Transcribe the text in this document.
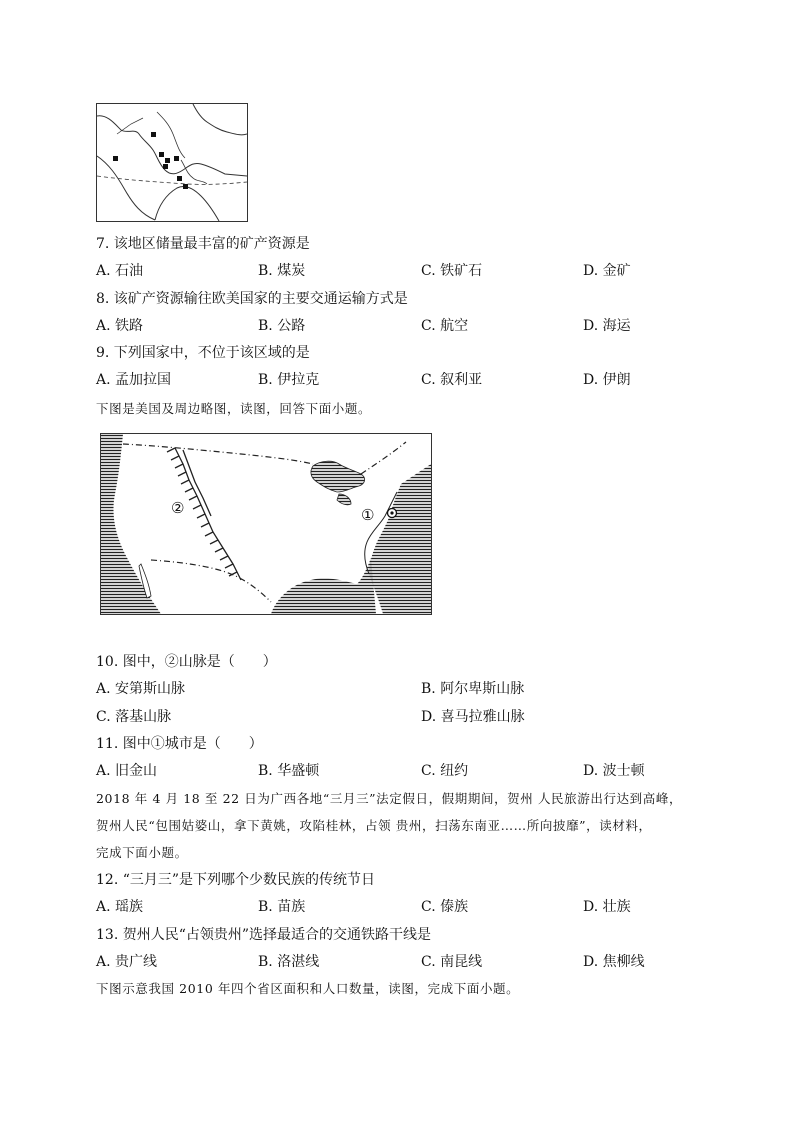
7. 该地区储量最丰富的矿产资源是
A. 石油	B. 煤炭	C. 铁矿石	D. 金矿
8. 该矿产资源输往欧美国家的主要交通运输方式是
A. 铁路	B. 公路	C. 航空	D. 海运
9. 下列国家中，不位于该区域的是
A. 孟加拉国	B. 伊拉克	C. 叙利亚	D. 伊朗
下图是美国及周边略图，读图，回答下面小题。
②	①
10. 图中，②山脉是（　　）
A. 安第斯山脉	B. 阿尔卑斯山脉
C. 落基山脉	D. 喜马拉雅山脉
11. 图中①城市是（　　）
A. 旧金山	B. 华盛顿	C. 纽约	D. 波士顿
2018 年 4 月 18 至 22 日为广西各地“三月三”法定假日，假期期间，贺州 人民旅游出行达到高峰，
贺州人民“包围姑婆山，拿下黄姚，攻陷桂林，占领 贵州，扫荡东南亚……所向披靡”，读材料，
完成下面小题。
12. “三月三”是下列哪个少数民族的传统节日
A. 瑶族	B. 苗族	C. 傣族	D. 壮族
13. 贺州人民“占领贵州”选择最适合的交通铁路干线是
A. 贵广线	B. 洛湛线	C. 南昆线	D. 焦柳线
下图示意我国 2010 年四个省区面积和人口数量，读图，完成下面小题。
